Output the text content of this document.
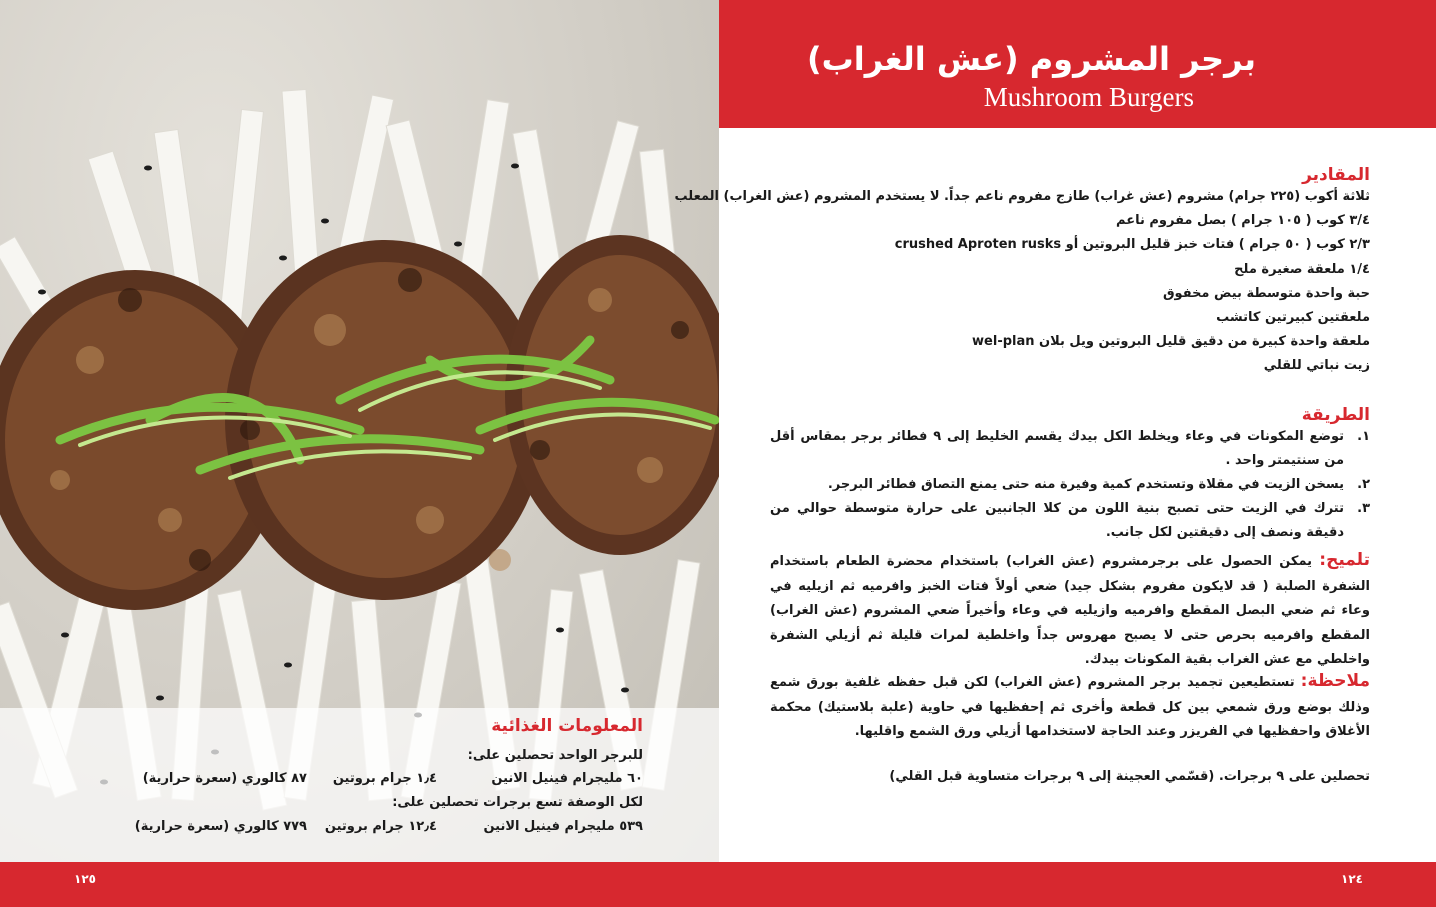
المعلومات الغذائية
للبرجر الواحد تحصلين على:
٦٠ مليجرام فينيل الانين
١٫٤ جرام بروتين
٨٧ كالوري (سعرة حرارية)
لكل الوصفة تسع برجرات تحصلين على:
٥٣٩ مليجرام فينيل الانين
١٢٫٤ جرام بروتين
٧٧٩ كالوري (سعرة حرارية)
برجر المشروم (عش الغراب)
Mushroom Burgers
المقادير
ثلاثة أكوب (٢٢٥ جرام) مشروم (عش غراب) طازج مفروم ناعم جداً. لا يستخدم المشروم (عش الغراب) المعلب
٣/٤ كوب ( ١٠٥ جرام ) بصل مفروم ناعم
٢/٣ كوب ( ٥٠ جرام ) فتات خبز قليل البروتين أو crushed Aproten rusks
١/٤ ملعقة صغيرة ملح
حبة واحدة متوسطة بيض مخفوق
ملعقتين كبيرتين كاتشب
ملعقة واحدة كبيرة من دقيق قليل البروتين ويل بلان wel-plan
زيت نباتي للقلي
الطريقة
١.
توضع المكونات في وعاء ويخلط الكل بيدك يقسم الخليط إلى ٩ فطائر برجر بمقاس أقل من سنتيمتر واحد .
٢.
يسخن الزيت في مقلاة وتستخدم كمية وفيرة منه حتى يمنع التصاق فطائر البرجر.
٣.
تترك في الزيت حتى تصبح بنية اللون من كلا الجانبين على حرارة متوسطة حوالي من دقيقة ونصف إلى دقيقتين لكل جانب.
تلميح: يمكن الحصول على برجرمشروم (عش الغراب) باستخدام محضرة الطعام باستخدام الشفرة الصلبة ( قد لايكون مفروم بشكل جيد) ضعي أولاً فتات الخبز وافرميه ثم ازيليه في وعاء ثم ضعي البصل المقطع وافرميه وازيليه في وعاء وأخيراً ضعي المشروم (عش الغراب) المقطع وافرميه بحرص حتى لا يصبح مهروس جداً واخلطية لمرات قليلة ثم أزيلي الشفرة واخلطي مع عش الغراب بقية المكونات بيدك.
ملاحظة: تستطيعين تجميد برجر المشروم (عش الغراب) لكن قبل حفظه غلفية بورق شمع وذلك بوضع ورق شمعي بين كل قطعة وأخرى ثم إحفظيها في حاوية (علبة بلاستيك) محكمة الأغلاق واحفظيها في الفريزر وعند الحاجة لاستخدامها أزيلي ورق الشمع واقليها.
تحصلين على ٩ برجرات. (قسّمي العجينة إلى ٩ برجرات متساوية قبل القلي)
١٢٥	١٢٤
